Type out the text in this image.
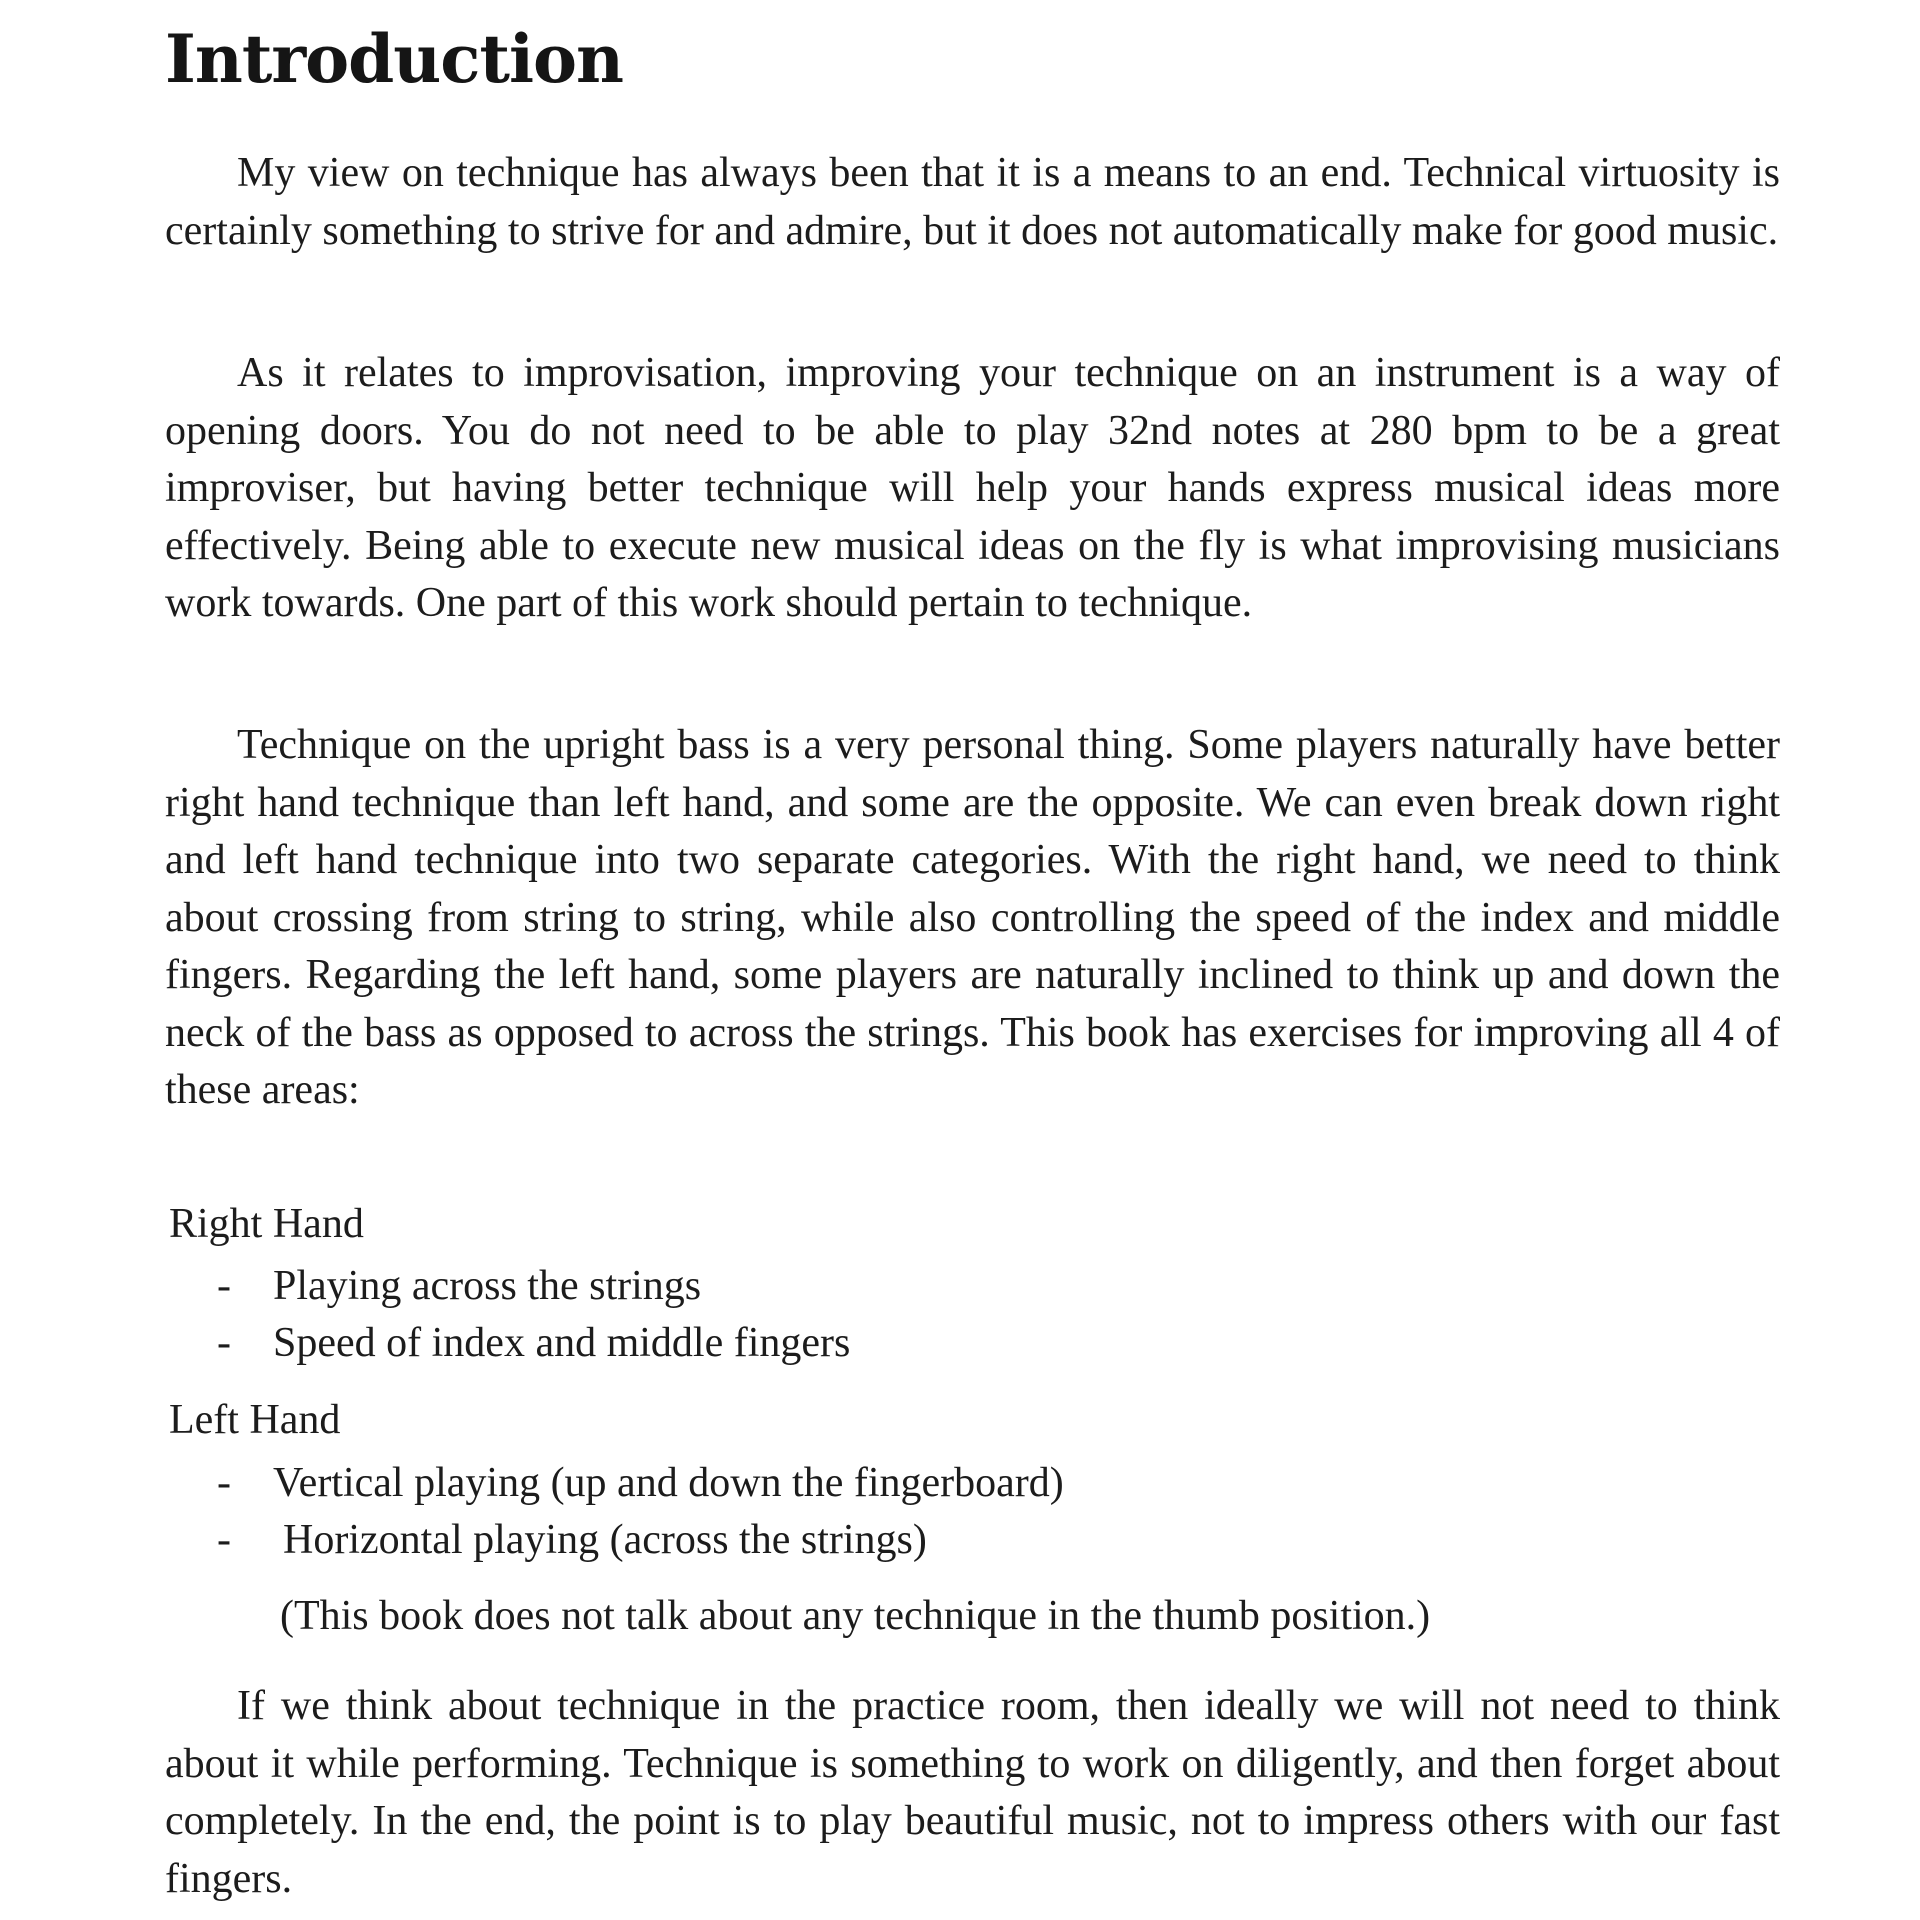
Introduction

My view on technique has always been that it is a means to an end. Technical virtuosity is certainly something to strive for and admire, but it does not automatically make for good music.

As it relates to improvisation, improving your technique on an instrument is a way of opening doors. You do not need to be able to play 32nd notes at 280 bpm to be a great improviser, but having better technique will help your hands express musical ideas more effectively. Being able to execute new musical ideas on the fly is what improvising musicians work towards. One part of this work should pertain to technique.

Technique on the upright bass is a very personal thing. Some players naturally have better right hand technique than left hand, and some are the opposite. We can even break down right and left hand technique into two separate categories. With the right hand, we need to think about crossing from string to string, while also controlling the speed of the index and middle fingers. Regarding the left hand, some players are naturally inclined to think up and down the neck of the bass as opposed to across the strings. This book has exercises for improving all 4 of these areas:

Right Hand

- Playing across the strings
- Speed of index and middle fingers

Left Hand

- Vertical playing (up and down the fingerboard)
- Horizontal playing (across the strings)

(This book does not talk about any technique in the thumb position.)

If we think about technique in the practice room, then ideally we will not need to think about it while performing. Technique is something to work on diligently, and then forget about completely. In the end, the point is to play beautiful music, not to impress others with our fast fingers.
